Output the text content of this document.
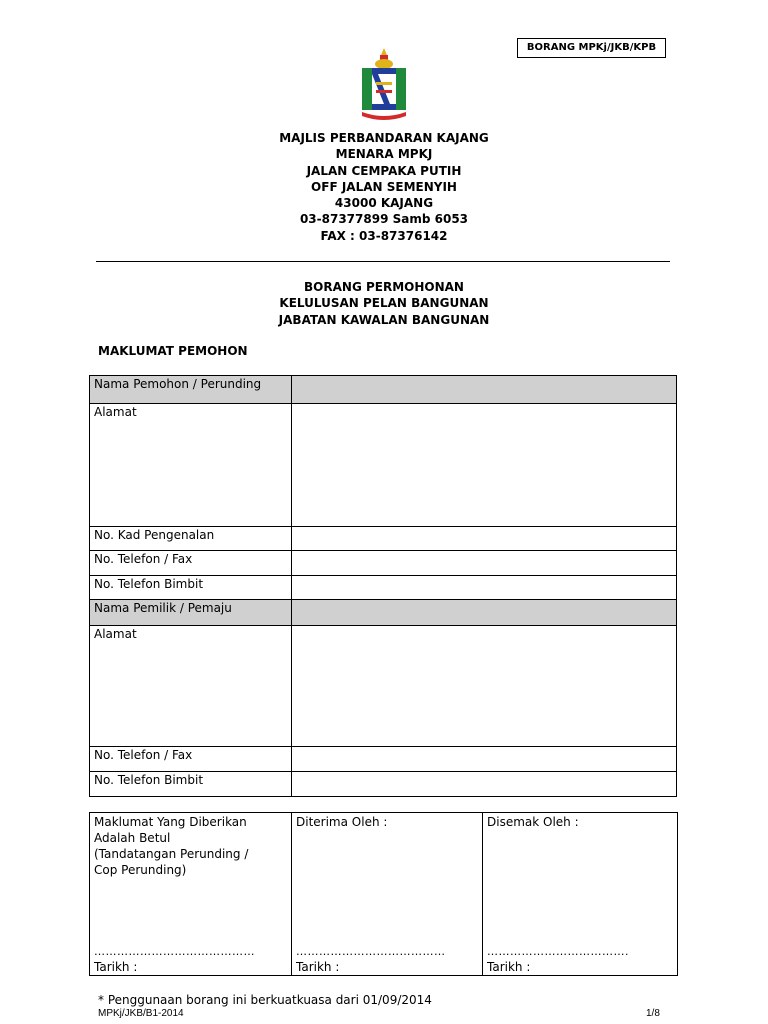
BORANG MPKj/JKB/KPB
MAJLIS PERBANDARAN KAJANG
MENARA MPKJ
JALAN CEMPAKA PUTIH
OFF JALAN SEMENYIH
43000 KAJANG
03-87377899 Samb 6053
FAX : 03-87376142
BORANG PERMOHONAN
KELULUSAN PELAN BANGUNAN
JABATAN KAWALAN BANGUNAN
MAKLUMAT PEMOHON
Nama Pemohon / Perunding	
Alamat	
No. Kad Pengenalan	
No. Telefon / Fax	
No. Telefon Bimbit	
Nama Pemilik / Pemaju	
Alamat	
No. Telefon / Fax	
No. Telefon Bimbit	
Maklumat Yang Diberikan
Adalah Betul
(Tandatangan Perunding /
Cop Perunding)
……………………………………
Tarikh :

Diterima Oleh :
…………………………………
Tarikh :

Disemak Oleh :
……………………………….
Tarikh :
* Penggunaan borang ini berkuatkuasa dari 01/09/2014
MPKj/JKB/B1-2014	1/8
